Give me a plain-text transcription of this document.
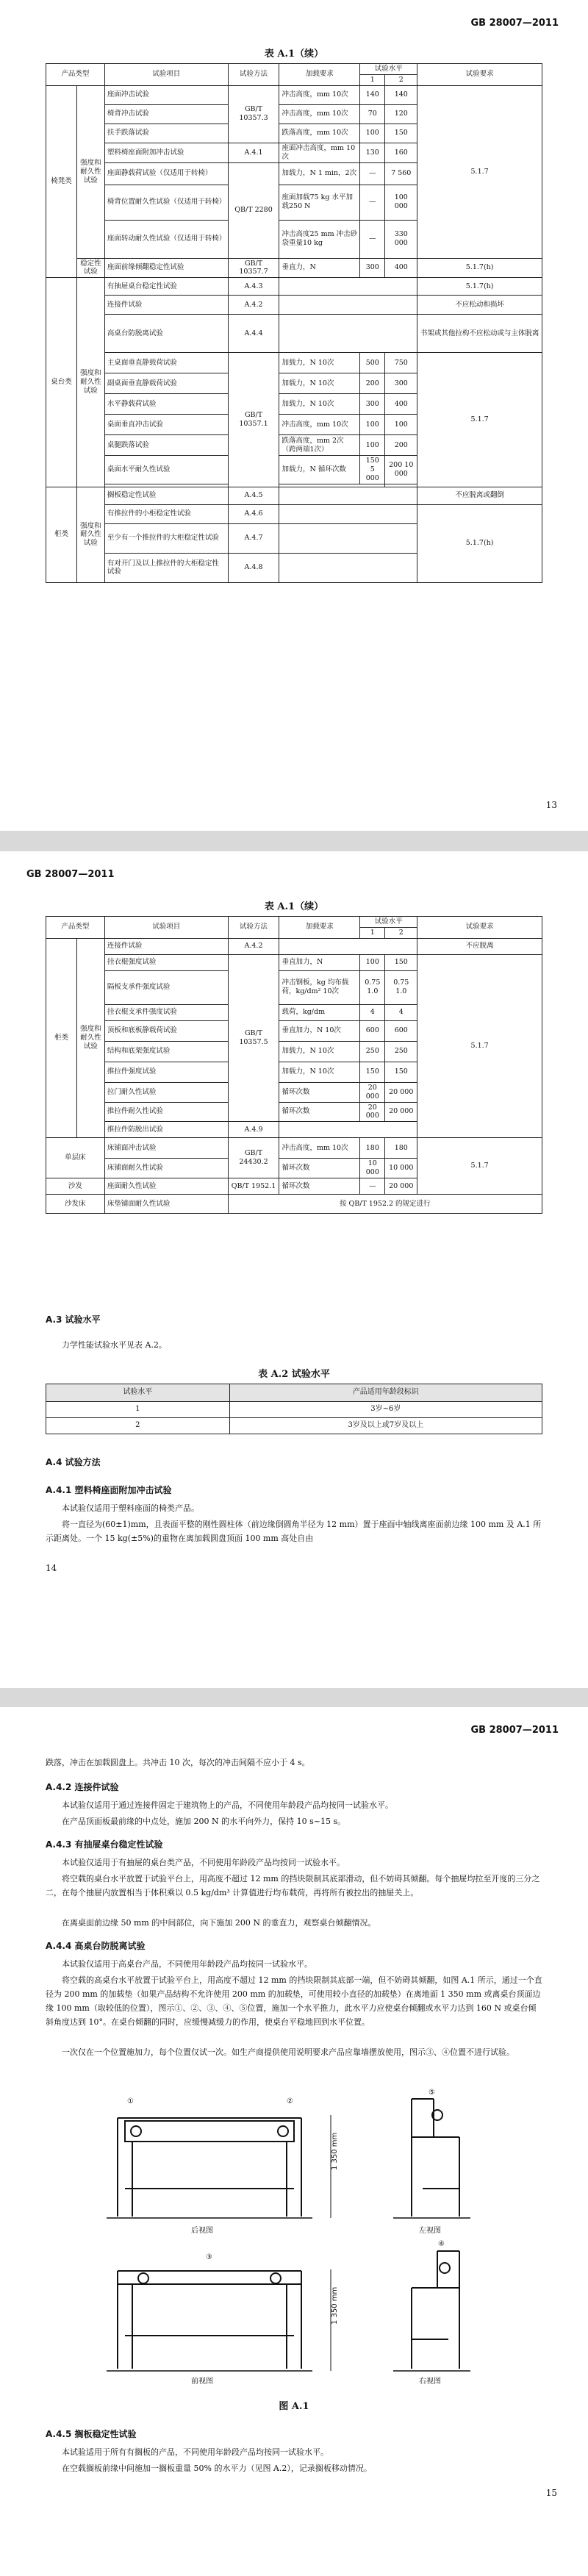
GB 28007—2011
表 A.1（续）
产品类型		试验项目	试验方法	加载要求	试验水平		试验要求
					1	2	
椅凳类	强度和耐久性试验	座面冲击试验	GB/T 10357.3	冲击高度，mm 10次	140	140	5.1.7
		椅背冲击试验		冲击高度，mm 10次	70	120	
		扶手跌落试验		跌落高度，mm 10次	100	150	
		塑料椅座面附加冲击试验	A.4.1	座面冲击高度，mm 10次	130	160	
		座面静载荷试验（仅适用于转椅）	QB/T 2280	加载力，N 1 min，2次	—	7 560	
		椅背位置耐久性试验（仅适用于转椅）		座面加载75 kg 水平加载250 N	—	100 000	
		座面转动耐久性试验（仅适用于转椅）		冲击高度25 mm 冲击砂袋重量10 kg	—	330 000	
	稳定性试验	座面前缘倾翻稳定性试验	GB/T 10357.7	垂直力，N	300	400	5.1.7(h)
桌台类	强度和耐久性试验	有抽屉桌台稳定性试验	A.4.3				5.1.7(h)
		连接件试验	A.4.2				不应松动和损坏
		高桌台防脱离试验	A.4.4				书架或其他拉构不应松动或与主体脱离
		主桌面垂直静载荷试验	GB/T 10357.1	加载力，N 10次	500	750	5.1.7
		副桌面垂直静载荷试验		加载力，N 10次	200	300	
		水平静载荷试验		加载力，N 10次	300	400	
		桌面垂直冲击试验		冲击高度，mm 10次	100	100	
		桌腿跌落试验		跌落高度，mm 2次（跨两端1次）	100	200	
		桌面水平耐久性试验		加载力，N 循环次数	150 5 000	200 10 000	

柜类	强度和耐久性试验	搁板稳定性试验	A.4.5				不应脱离或翻倒
		有推拉件的小柜稳定性试验	A.4.6				5.1.7(h)
		至少有一个推拉件的大柜稳定性试验	A.4.7				
		有对开门及以上推拉件的大柜稳定性试验	A.4.8				
13
GB 28007—2011
表 A.1（续）
产品类型		试验项目	试验方法	加载要求	试验水平		试验要求
					1	2	
柜类	强度和耐久性试验	连接件试验	A.4.2				不应脱离
		挂衣棍强度试验	GB/T 10357.5	垂直加力，N	100	150	5.1.7
		隔板支承件强度试验		冲击钢板，kg 均布载荷，kg/dm² 10次	0.75 1.0	0.75 1.0	
		挂衣棍支承件强度试验		载荷，kg/dm	4	4	
		顶板和底板静载荷试验		垂直加力，N 10次	600	600	
		结构和底架强度试验		加载力，N 10次	250	250	
		推拉件强度试验		加载力，N 10次	150	150	
		拉门耐久性试验		循环次数	20 000	20 000	
		推拉件耐久性试验		循环次数	20 000	20 000	
		推拉件防脱出试验	A.4.9				
单层床		床铺面冲击试验	GB/T 24430.2	冲击高度，mm 10次	180	180	5.1.7
		床铺面耐久性试验		循环次数	10 000	10 000	
沙发		座面耐久性试验	QB/T 1952.1	循环次数	—	20 000	
沙发床		床垫铺面耐久性试验	按 QB/T 1952.2 的规定进行				
A.3 试验水平
力学性能试验水平见表 A.2。
表 A.2 试验水平
试验水平	产品适用年龄段标识
1	3岁~6岁
2	3岁及以上或7岁及以上
A.4 试验方法
A.4.1 塑料椅座面附加冲击试验
本试验仅适用于塑料座面的椅类产品。
将一直径为(60±1)mm，且表面平整的刚性圆柱体（前边缘倒圆角半径为 12 mm）置于座面中轴线离座面前边缘 100 mm 及 A.1 所示距离处。一个 15 kg(±5%)的重物在离加载圆盘顶面 100 mm 高处自由
14
GB 28007—2011
跌落，冲击在加载圆盘上。共冲击 10 次，每次的冲击间隔不应小于 4 s。
A.4.2 连接件试验
本试验仅适用于通过连接件固定于建筑物上的产品，不同使用年龄段产品均按同一试验水平。
在产品顶面板最前缘的中点处，施加 200 N 的水平向外力，保持 10 s~15 s。
A.4.3 有抽屉桌台稳定性试验
本试验仅适用于有抽屉的桌台类产品，不同使用年龄段产品均按同一试验水平。
将空载的桌台水平放置于试验平台上，用高度不超过 12 mm 的挡块限制其底部滑动，但不妨碍其倾翻。每个抽屉均拉至开度的三分之二，在每个抽屉内放置相当于体积乘以 0.5 kg/dm³ 计算值进行均布载荷，再将所有被拉出的抽屉关上。
在离桌面前边缘 50 mm 的中间部位，向下施加 200 N 的垂直力，观察桌台倾翻情况。
A.4.4 高桌台防脱离试验
本试验仅适用于高桌台产品，不同使用年龄段产品均按同一试验水平。
将空载的高桌台水平放置于试验平台上，用高度不超过 12 mm 的挡块限制其底部一端，但不妨碍其倾翻，如图 A.1 所示，通过一个直径为 200 mm 的加载垫（如果产品结构不允许使用 200 mm 的加载垫，可使用较小直径的加载垫）在离地面 1 350 mm 或离桌台顶面边缘 100 mm（取较低的位置），图示①、②、③、④、⑤位置，施加一个水平推力，此水平力应使桌台倾翻或水平力达到 160 N 或桌台倾斜角度达到 10°。在桌台倾翻的同时，应缓慢减缓力的作用，使桌台平稳地回到水平位置。
一次仅在一个位置施加力，每个位置仅试一次。如生产商提供使用说明要求产品应靠墙摆放使用，图示③、④位置不进行试验。
①	②
⑤
③
④
后视图	左视图
前视图	右视图
1 350 mm
1 350 mm
图 A.1
A.4.5 搁板稳定性试验
本试验适用于所有有搁板的产品，不同使用年龄段产品均按同一试验水平。
在空载搁板前缘中间施加一搁板重量 50% 的水平力（见图 A.2），记录搁板移动情况。
15
